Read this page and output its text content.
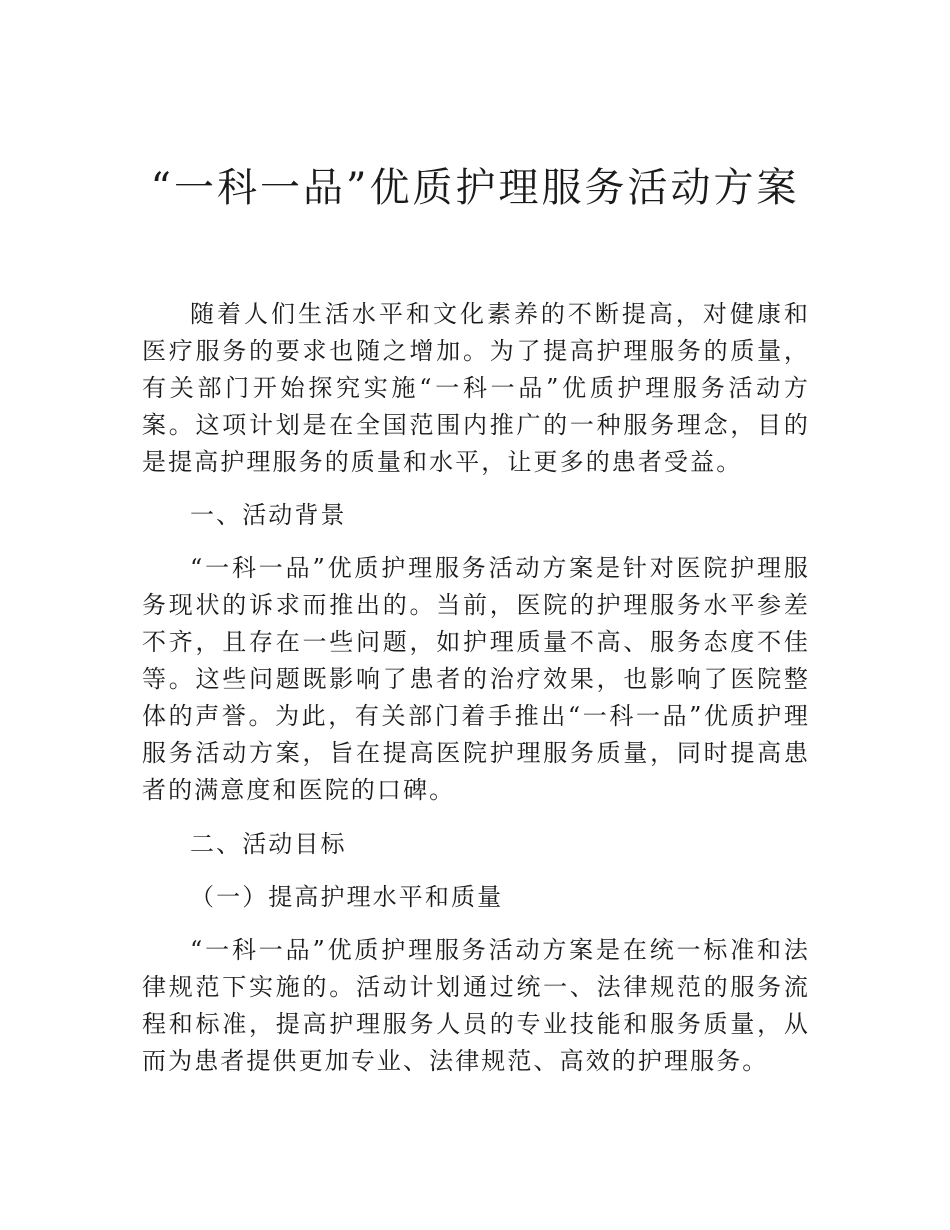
“一科一品”优质护理服务活动方案

随着人们生活水平和文化素养的不断提高，对健康和医疗服务的要求也随之增加。为了提高护理服务的质量，有关部门开始探究实施“一科一品”优质护理服务活动方案。这项计划是在全国范围内推广的一种服务理念，目的是提高护理服务的质量和水平，让更多的患者受益。

一、活动背景

“一科一品”优质护理服务活动方案是针对医院护理服务现状的诉求而推出的。当前，医院的护理服务水平参差不齐，且存在一些问题，如护理质量不高、服务态度不佳等。这些问题既影响了患者的治疗效果，也影响了医院整体的声誉。为此，有关部门着手推出“一科一品”优质护理服务活动方案，旨在提高医院护理服务质量，同时提高患者的满意度和医院的口碑。

二、活动目标

（一）提高护理水平和质量

“一科一品”优质护理服务活动方案是在统一标准和法律规范下实施的。活动计划通过统一、法律规范的服务流程和标准，提高护理服务人员的专业技能和服务质量，从而为患者提供更加专业、法律规范、高效的护理服务。
